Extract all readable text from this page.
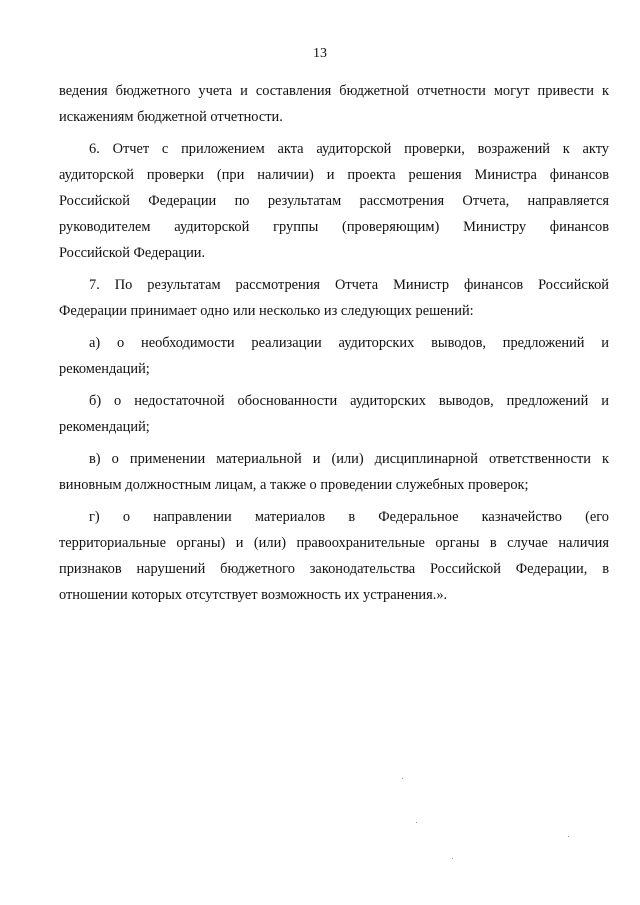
13
ведения бюджетного учета и составления бюджетной отчетности могут привести к
искажениям бюджетной отчетности.
6. Отчет с приложением акта аудиторской проверки, возражений к акту
аудиторской проверки (при наличии) и проекта решения Министра финансов
Российской Федерации по результатам рассмотрения Отчета, направляется
руководителем аудиторской группы (проверяющим) Министру финансов
Российской Федерации.
7. По результатам рассмотрения Отчета Министр финансов Российской
Федерации принимает одно или несколько из следующих решений:
а) о необходимости реализации аудиторских выводов, предложений и
рекомендаций;
б) о недостаточной обоснованности аудиторских выводов, предложений и
рекомендаций;
в) о применении материальной и (или) дисциплинарной ответственности к
виновным должностным лицам, а также о проведении служебных проверок;
г) о направлении материалов в Федеральное казначейство (его
территориальные органы) и (или) правоохранительные органы в случае наличия
признаков нарушений бюджетного законодательства Российской Федерации, в
отношении которых отсутствует возможность их устранения.».
